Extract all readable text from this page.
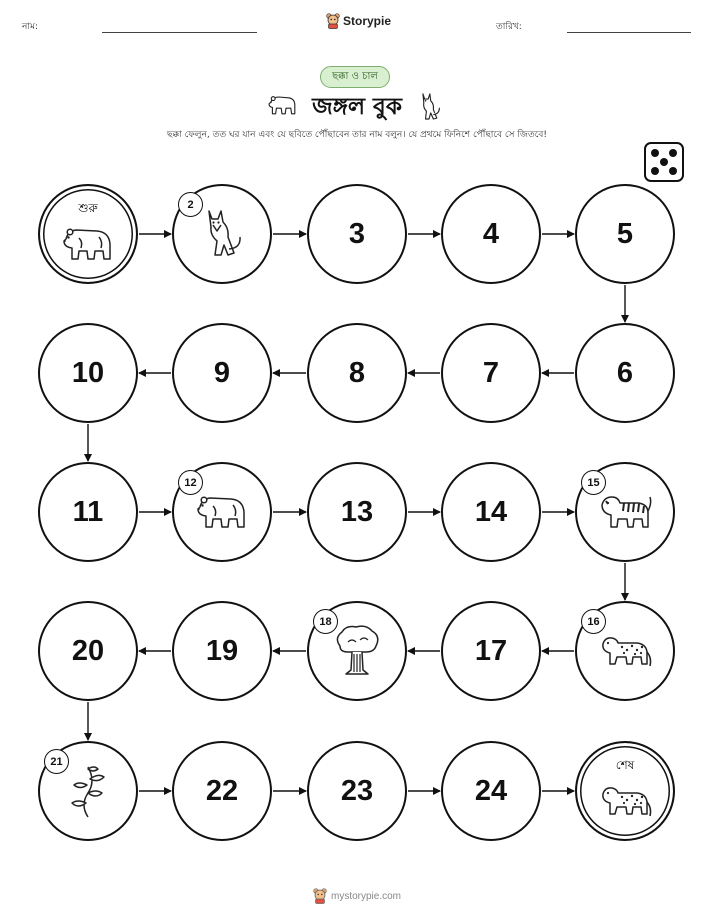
নাম:	Storypie	তারিখ:
ছক্কা ও চাল
জঙ্গল বুক
ছক্কা ফেলুন, তত ঘর যান এবং যে ছবিতে পৌঁছাবেন তার নাম বলুন। যে প্রথমে ফিনিশে পৌঁছাবে সে জিতবে!
শুরু	2
3	4	5
6
7
8
9
10
11
12
13	14
15
16
17
18
19
20
21
22	23	24
শেষ
mystorypie.com
